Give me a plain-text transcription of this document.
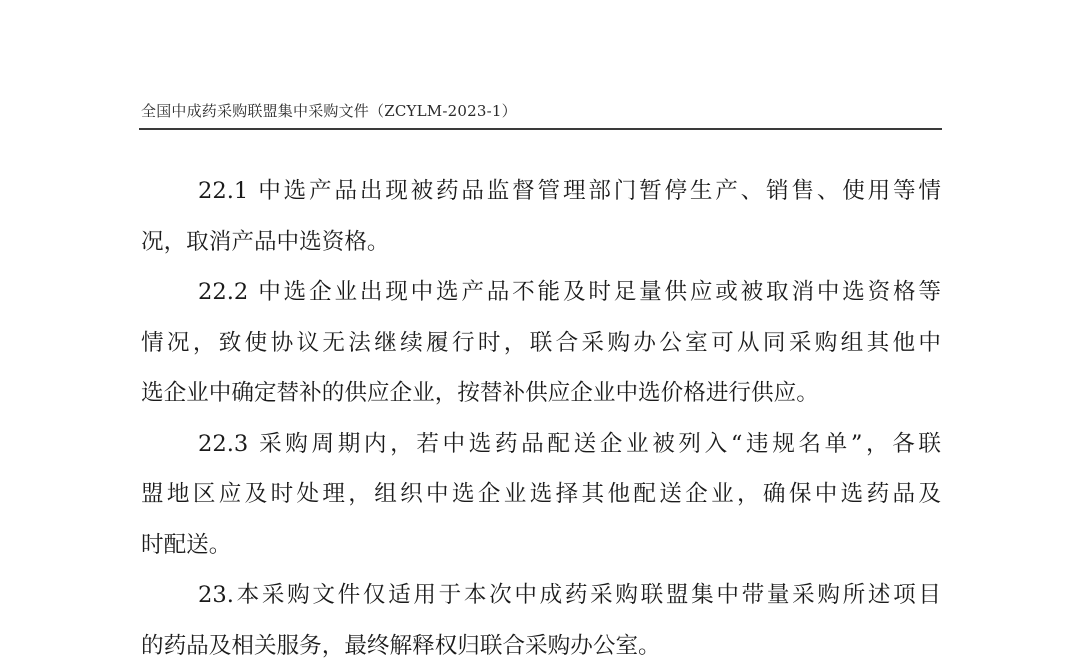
全国中成药采购联盟集中采购文件（ZCYLM-2023-1）
22.1 中选产品出现被药品监督管理部门暂停生产、销售、使用等情
况，取消产品中选资格。
22.2 中选企业出现中选产品不能及时足量供应或被取消中选资格等
情况，致使协议无法继续履行时，联合采购办公室可从同采购组其他中
选企业中确定替补的供应企业，按替补供应企业中选价格进行供应。
22.3 采购周期内，若中选药品配送企业被列入“违规名单”，各联
盟地区应及时处理，组织中选企业选择其他配送企业，确保中选药品及
时配送。
23.本采购文件仅适用于本次中成药采购联盟集中带量采购所述项目
的药品及相关服务，最终解释权归联合采购办公室。
